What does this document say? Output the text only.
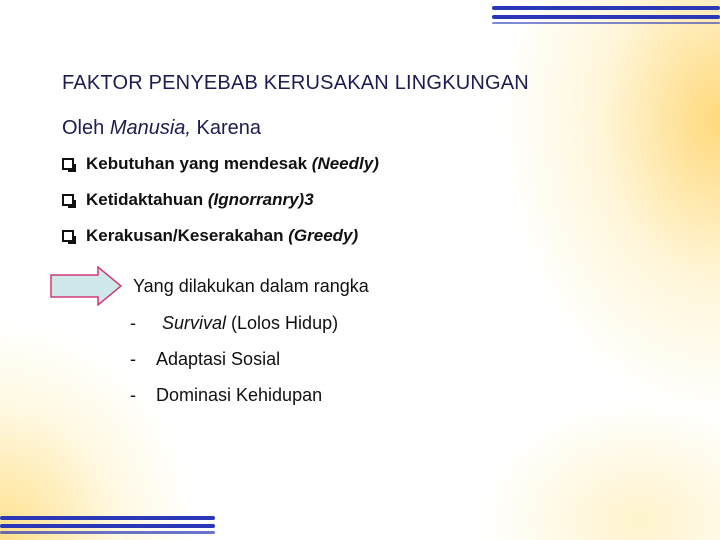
FAKTOR PENYEBAB KERUSAKAN LINGKUNGAN
Oleh Manusia, Karena
Kebutuhan yang mendesak (Needly)
Ketidaktahuan (Ignorranry)3
Kerakusan/Keserakahan (Greedy)
Yang dilakukan dalam rangka
- Survival (Lolos Hidup)
- Adaptasi Sosial
- Dominasi Kehidupan
